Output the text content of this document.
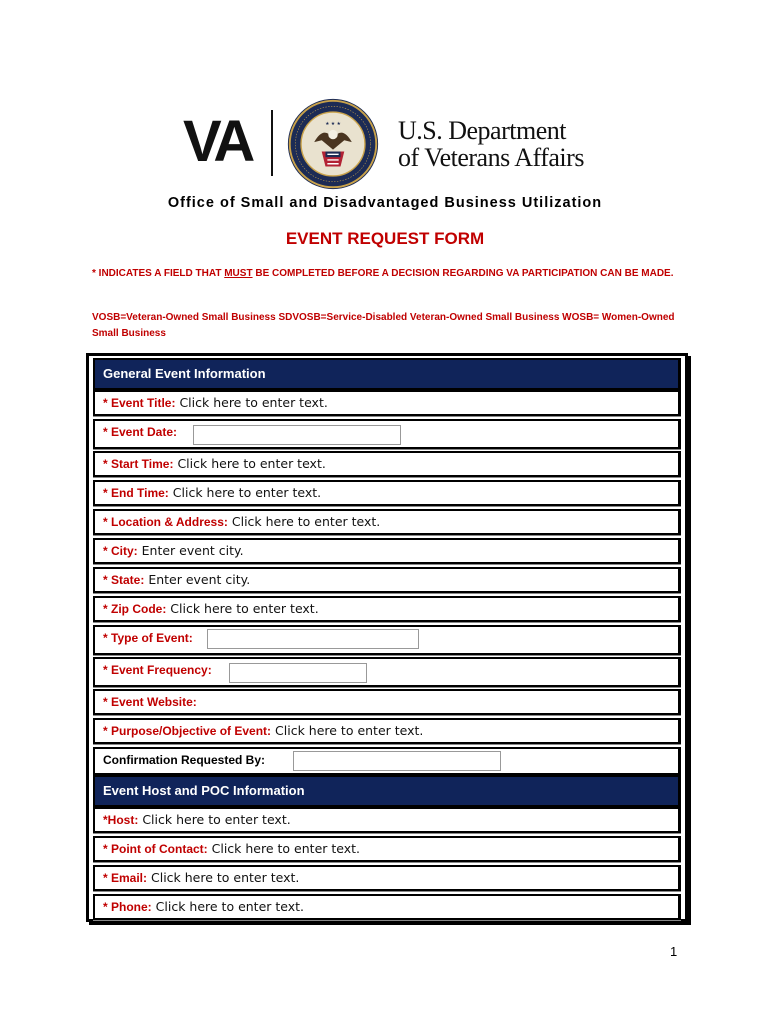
VA	★ ★ ★ U.S. Department
of Veterans Affairs
Office of Small and Disadvantaged Business Utilization
EVENT REQUEST FORM
* INDICATES A FIELD THAT MUST BE COMPLETED BEFORE A DECISION REGARDING VA PARTICIPATION CAN BE MADE.
VOSB=Veteran-Owned Small Business SDVOSB=Service-Disabled Veteran-Owned Small Business WOSB= Women-Owned Small Business
General Event Information
* Event Title: Click here to enter text.
* Event Date:
* Start Time: Click here to enter text.
* End Time: Click here to enter text.
* Location & Address: Click here to enter text.
* City: Enter event city.
* State: Enter event city.
* Zip Code: Click here to enter text.
* Type of Event:
* Event Frequency:
* Event Website:
* Purpose/Objective of Event: Click here to enter text.
Confirmation Requested By:
Event Host and POC Information
*Host: Click here to enter text.
* Point of Contact: Click here to enter text.
* Email: Click here to enter text.
* Phone: Click here to enter text.
1
